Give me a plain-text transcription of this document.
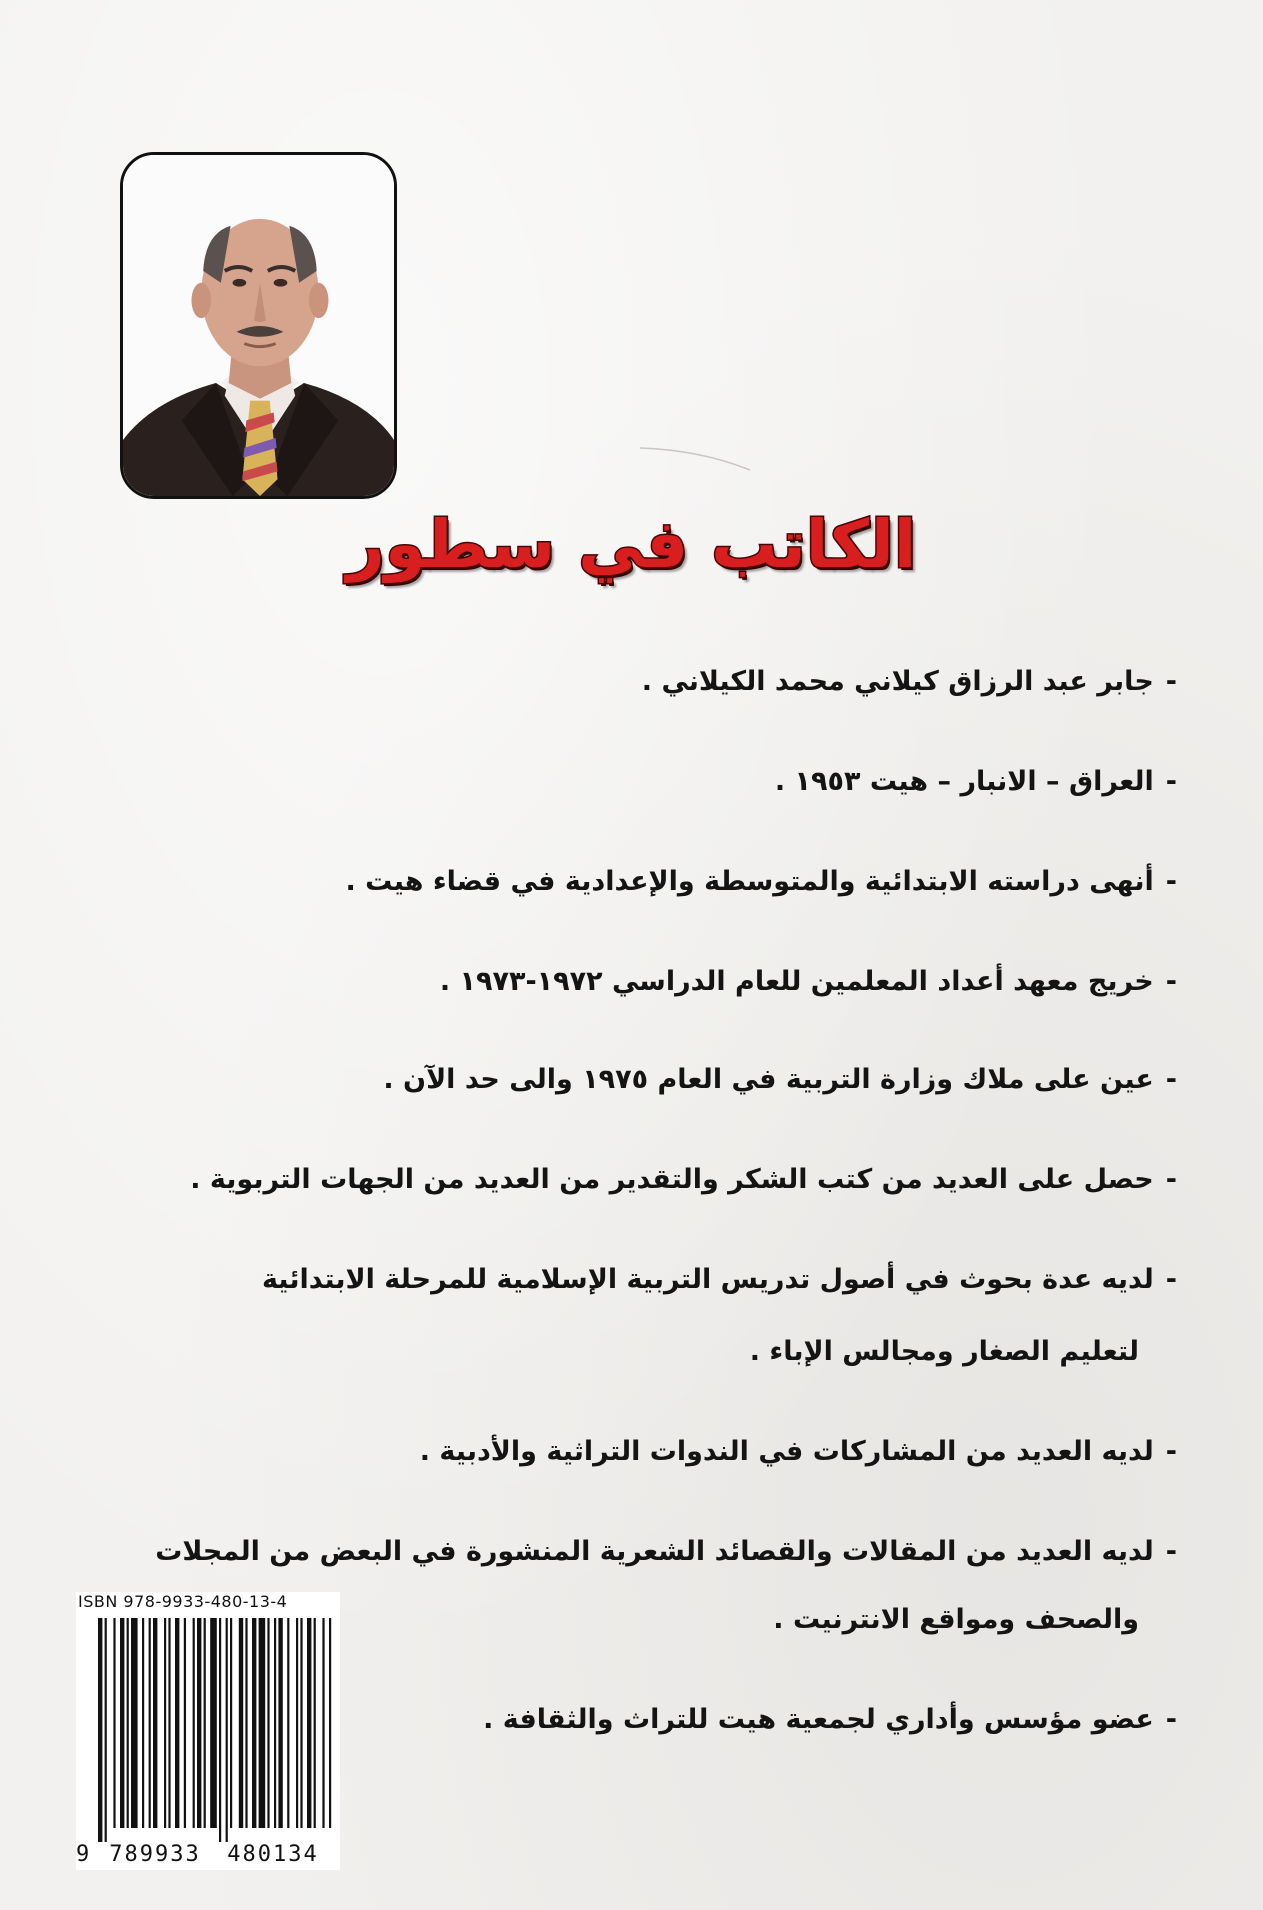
الكاتب في سطور
-جابر عبد الرزاق كيلاني محمد الكيلاني .
-العراق – الانبار – هيت ١٩٥٣ .
-أنهى دراسته الابتدائية والمتوسطة والإعدادية في قضاء هيت .
-خريج معهد أعداد المعلمين للعام الدراسي ١٩٧٢-١٩٧٣ .
-عين على ملاك وزارة التربية في العام ١٩٧٥ والى حد الآن .
-حصل على العديد من كتب الشكر والتقدير من العديد من الجهات التربوية .
-لديه عدة بحوث في أصول تدريس التربية الإسلامية للمرحلة الابتدائية
لتعليم الصغار ومجالس الإباء .
-لديه العديد من المشاركات في الندوات التراثية والأدبية .
-لديه العديد من المقالات والقصائد الشعرية المنشورة في البعض من المجلات
والصحف ومواقع الانترنيت .
-عضو مؤسس وأداري لجمعية هيت للتراث والثقافة .
ISBN 978-9933-480-13-4
9 789933	480134
